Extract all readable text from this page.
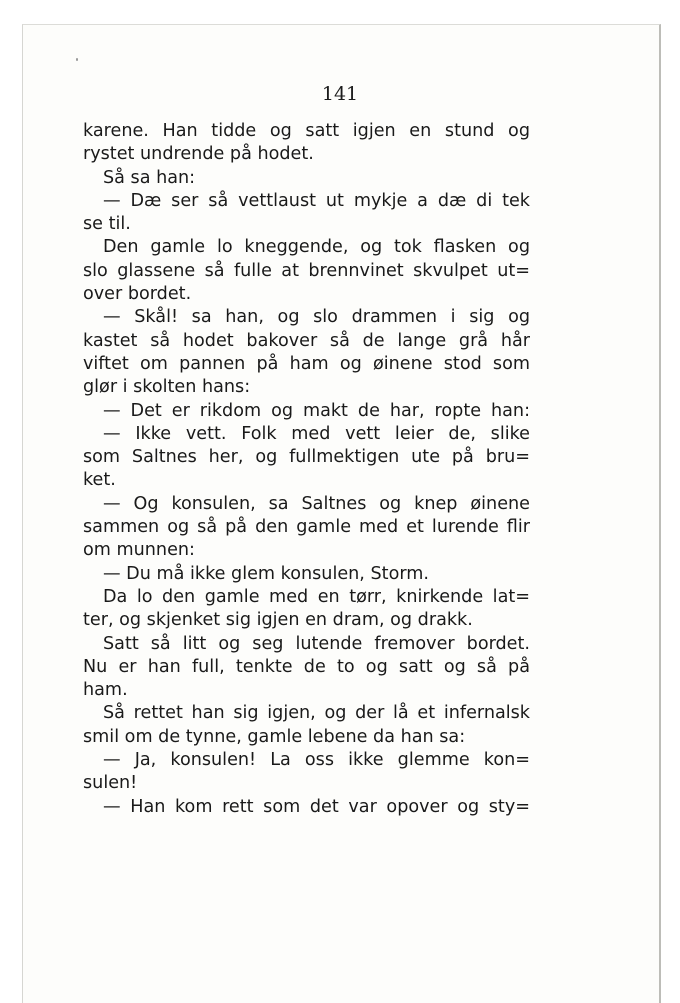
141
karene. Han tidde og satt igjen en stund og
rystet undrende på hodet.
Så sa han:
— Dæ ser så vettlaust ut mykje a dæ di tek
se til.
Den gamle lo kneggende, og tok flasken og
slo glassene så fulle at brennvinet skvulpet ut=
over bordet.
— Skål! sa han, og slo drammen i sig og
kastet så hodet bakover så de lange grå hår
viftet om pannen på ham og øinene stod som
glør i skolten hans:
— Det er rikdom og makt de har, ropte han:
— Ikke vett. Folk med vett leier de, slike
som Saltnes her, og fullmektigen ute på bru=
ket.
— Og konsulen, sa Saltnes og knep øinene
sammen og så på den gamle med et lurende flir
om munnen:
— Du må ikke glem konsulen, Storm.
Da lo den gamle med en tørr, knirkende lat=
ter, og skjenket sig igjen en dram, og drakk.
Satt så litt og seg lutende fremover bordet.
Nu er han full, tenkte de to og satt og så på
ham.
Så rettet han sig igjen, og der lå et infernalsk
smil om de tynne, gamle lebene da han sa:
— Ja, konsulen! La oss ikke glemme kon=
sulen!
— Han kom rett som det var opover og sty=
